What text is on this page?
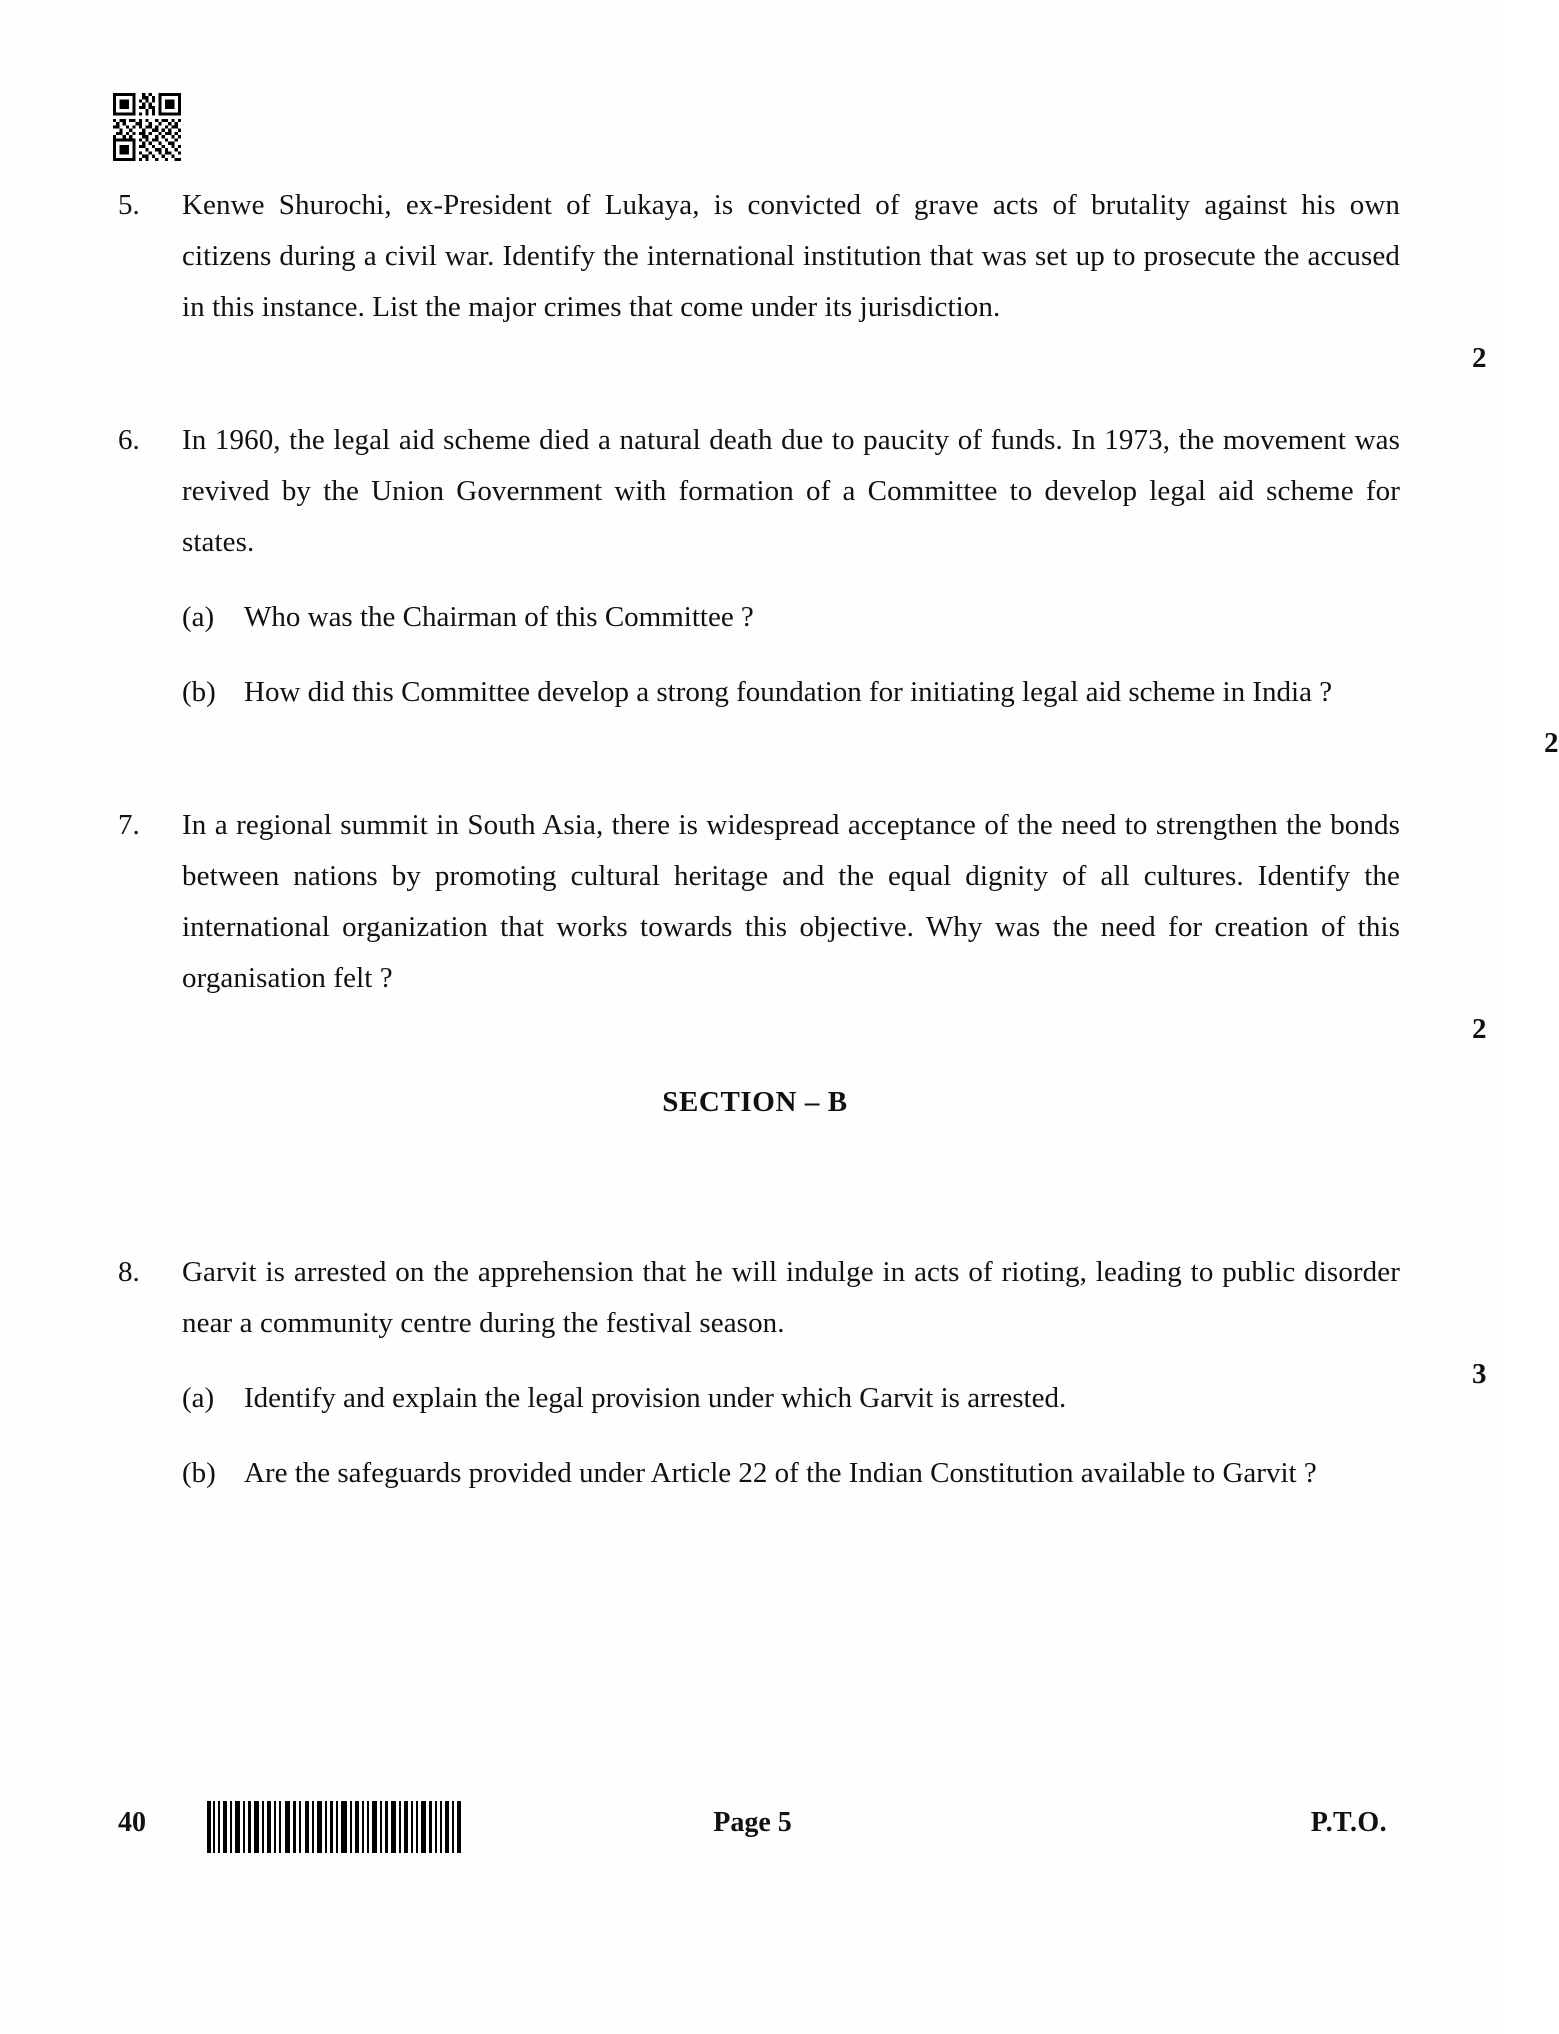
5.	Kenwe Shurochi, ex-President of Lukaya, is convicted of grave acts of brutality against his own citizens during a civil war. Identify the international institution that was set up to prosecute the accused in this instance. List the major crimes that come under its jurisdiction.
2
6.	In 1960, the legal aid scheme died a natural death due to paucity of funds. In 1973, the movement was revived by the Union Government with formation of a Committee to develop legal aid scheme for states.
(a)	Who was the Chairman of this Committee ?
(b) How did this Committee develop a strong foundation for initiating legal aid scheme in India ?
2
7.	In a regional summit in South Asia, there is widespread acceptance of the need to strengthen the bonds between nations by promoting cultural heritage and the equal dignity of all cultures. Identify the international organization that works towards this objective. Why was the need for creation of this organisation felt ?
2
SECTION – B
8.	Garvit is arrested on the apprehension that he will indulge in acts of rioting, leading to public disorder near a community centre during the festival season.
3
(a)	Identify and explain the legal provision under which Garvit is arrested.
(b) Are the safeguards provided under Article 22 of the Indian Constitution available to Garvit ?
40	Page 5	P.T.O.
